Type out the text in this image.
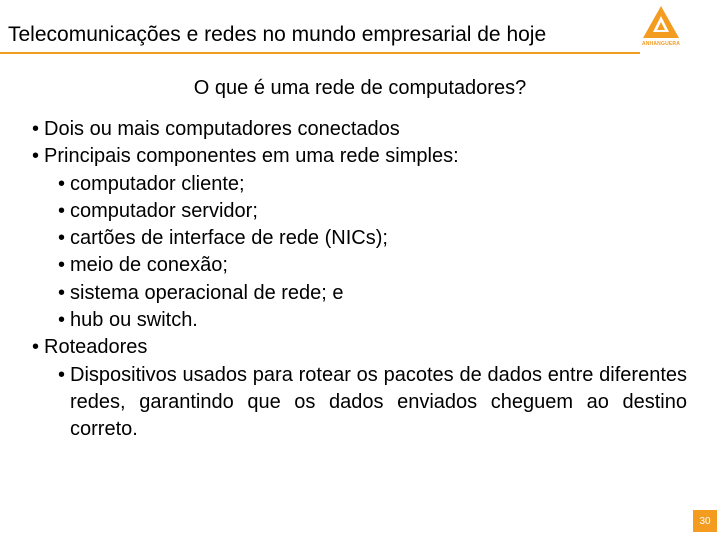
Telecomunicações e redes no mundo empresarial de hoje	ANHANGUERA
O que é uma rede de computadores?
• Dois ou mais computadores conectados
• Principais componentes em uma rede simples:
• computador cliente;
• computador servidor;
• cartões de interface de rede (NICs);
• meio de conexão;
• sistema operacional de rede; e
• hub ou switch.
• Roteadores
• Dispositivos usados para rotear os pacotes de dados entre diferentes redes, garantindo que os dados enviados cheguem ao destino correto.
30
